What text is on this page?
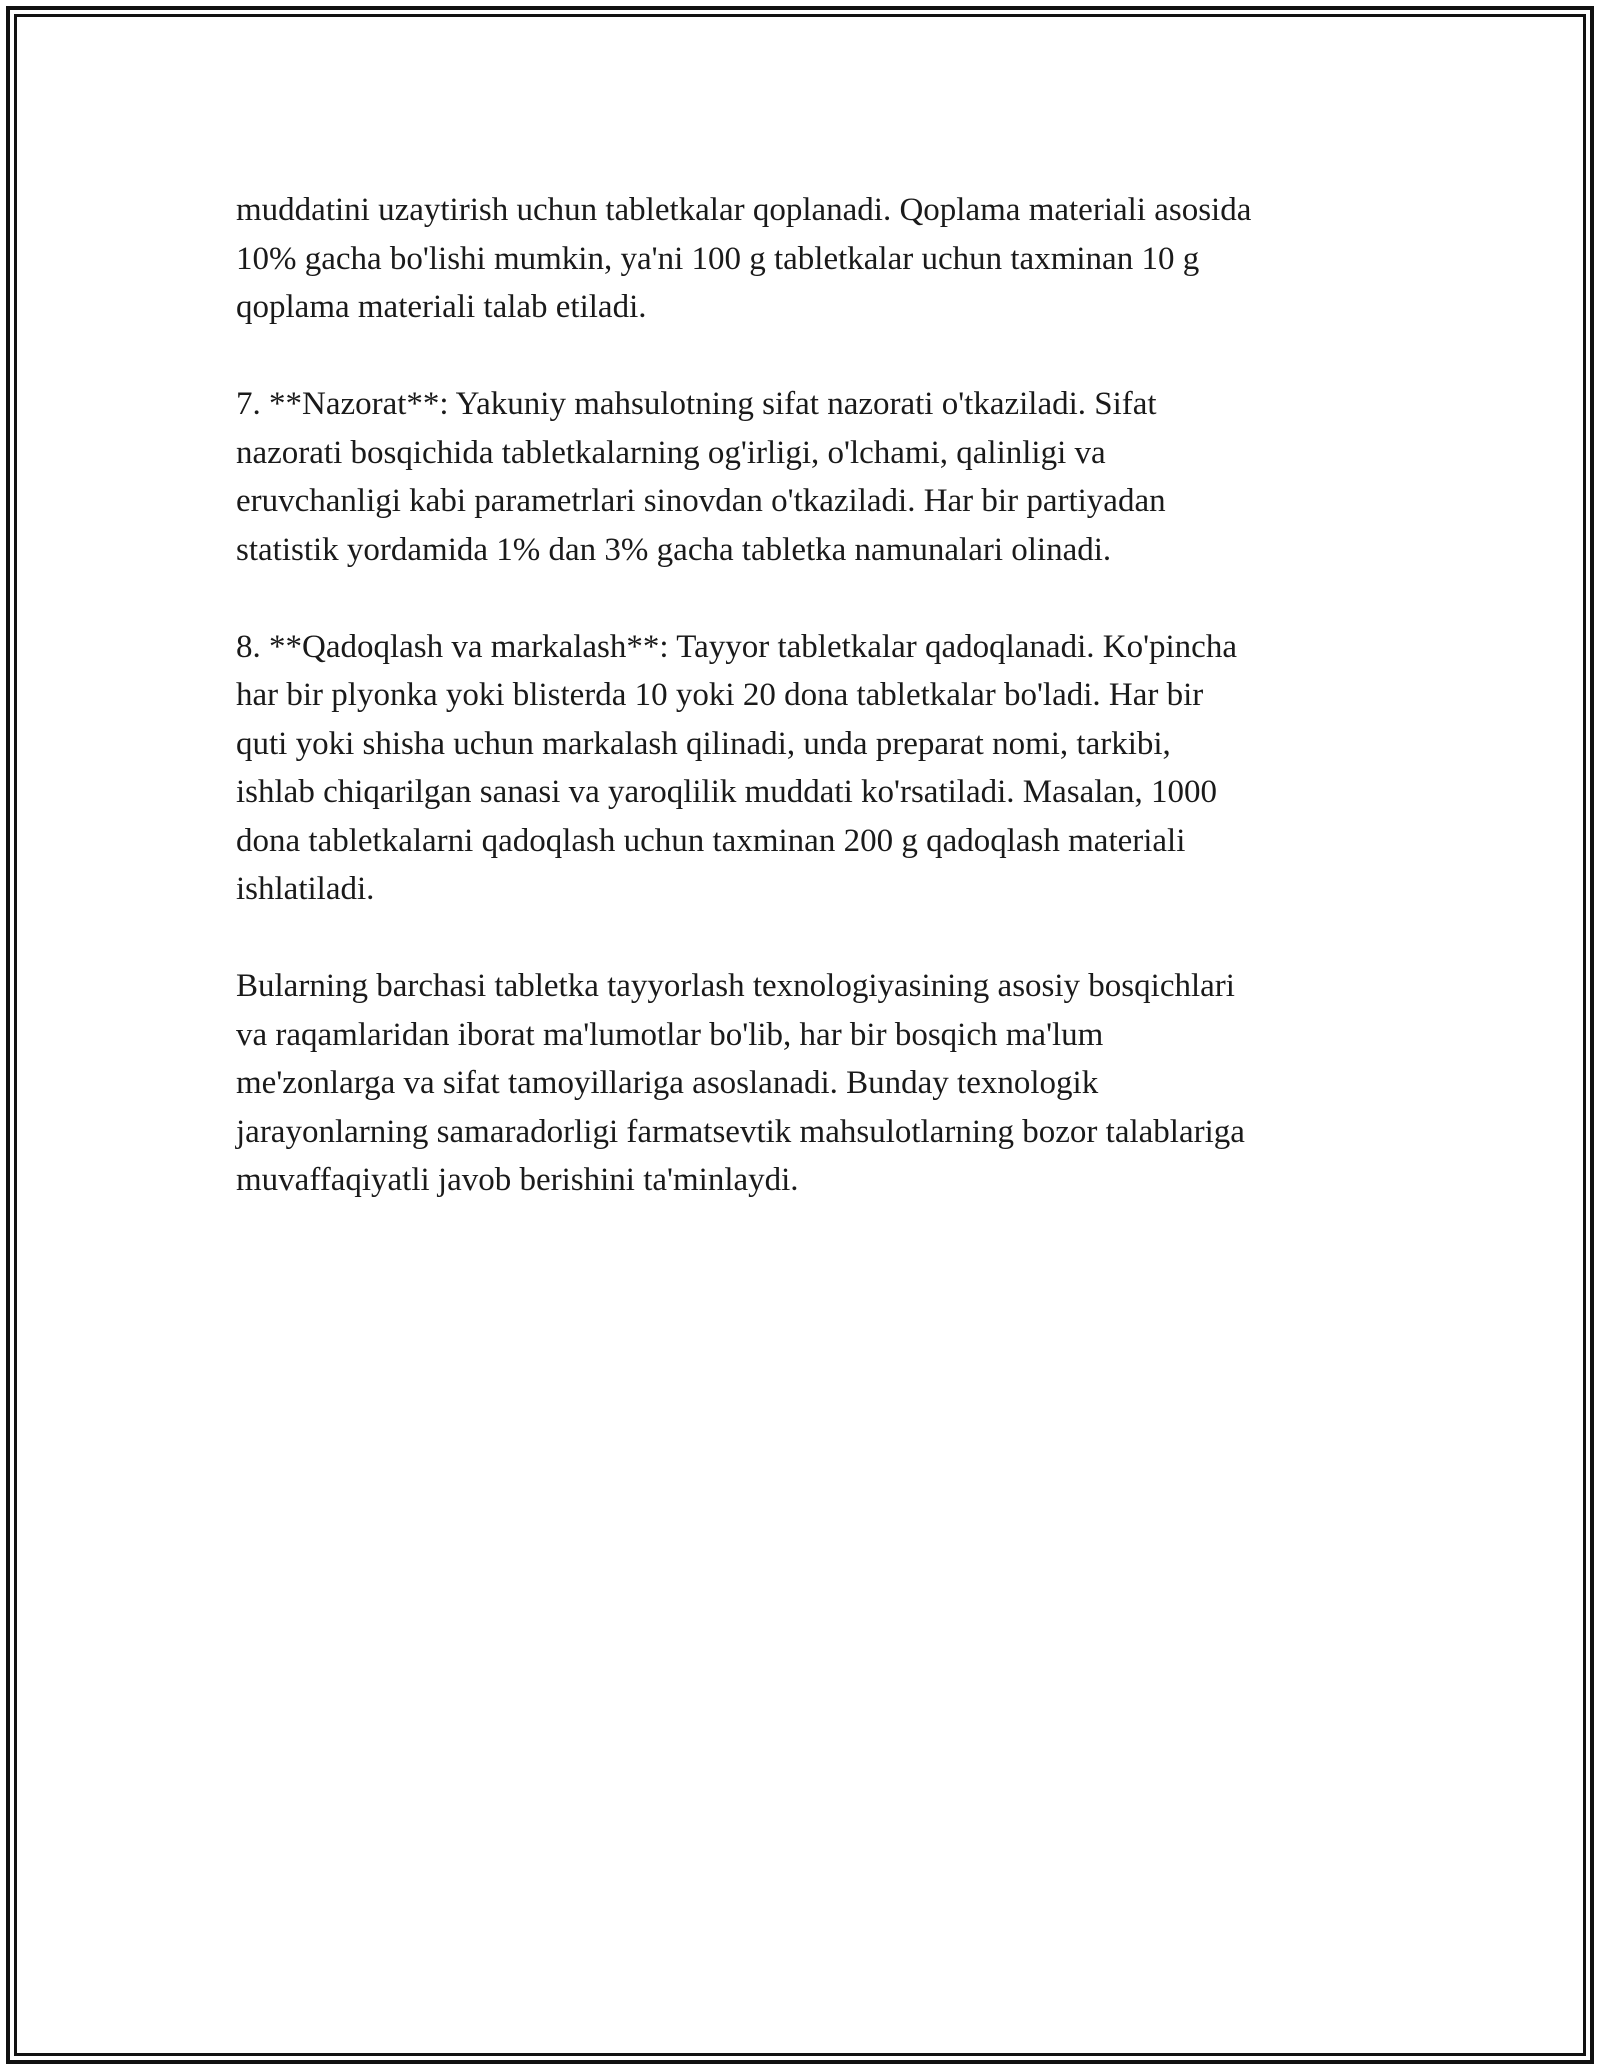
muddatini uzaytirish uchun tabletkalar qoplanadi. Qoplama materiali asosida
10% gacha bo'lishi mumkin, ya'ni 100 g tabletkalar uchun taxminan 10 g
qoplama materiali talab etiladi.

7. **Nazorat**: Yakuniy mahsulotning sifat nazorati o'tkaziladi. Sifat
nazorati bosqichida tabletkalarning og'irligi, o'lchami, qalinligi va
eruvchanligi kabi parametrlari sinovdan o'tkaziladi. Har bir partiyadan
statistik yordamida 1% dan 3% gacha tabletka namunalari olinadi.

8. **Qadoqlash va markalash**: Tayyor tabletkalar qadoqlanadi. Ko'pincha
har bir plyonka yoki blisterda 10 yoki 20 dona tabletkalar bo'ladi. Har bir
quti yoki shisha uchun markalash qilinadi, unda preparat nomi, tarkibi,
ishlab chiqarilgan sanasi va yaroqlilik muddati ko'rsatiladi. Masalan, 1000
dona tabletkalarni qadoqlash uchun taxminan 200 g qadoqlash materiali
ishlatiladi.

Bularning barchasi tabletka tayyorlash texnologiyasining asosiy bosqichlari
va raqamlaridan iborat ma'lumotlar bo'lib, har bir bosqich ma'lum
me'zonlarga va sifat tamoyillariga asoslanadi. Bunday texnologik
jarayonlarning samaradorligi farmatsevtik mahsulotlarning bozor talablariga
muvaffaqiyatli javob berishini ta'minlaydi.
